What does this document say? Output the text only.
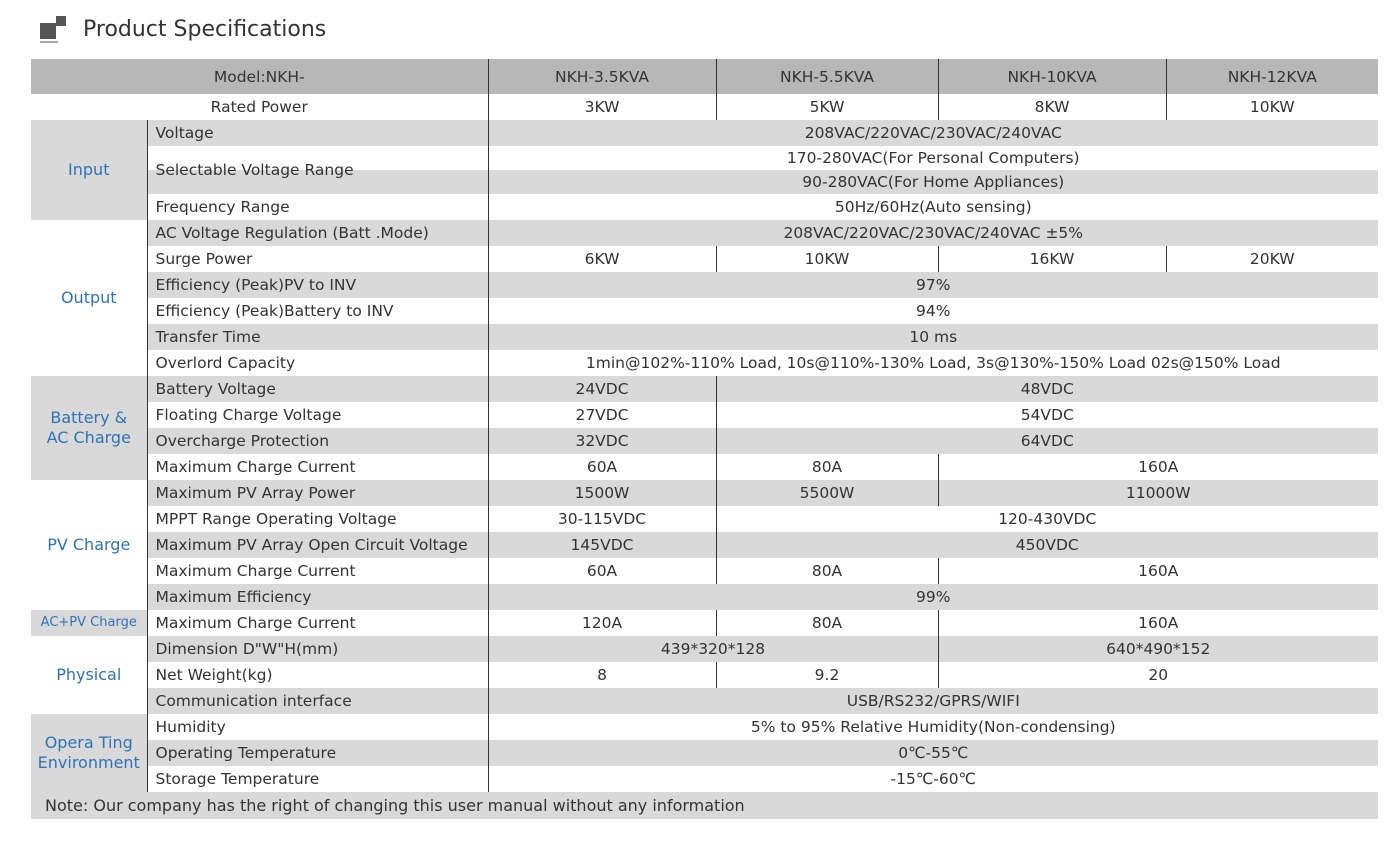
Product Specifications
Model:NKH-		NKH-3.5KVA	NKH-5.5KVA	NKH-10KVA	NKH-12KVA
Rated Power		3KW	5KW	8KW	10KW
Input	Voltage	208VAC/220VAC/230VAC/240VAC			
	Selectable Voltage Range	170-280VAC(For Personal Computers)			
		90-280VAC(For Home Appliances)			
	Frequency Range	50Hz/60Hz(Auto sensing)			
Output	AC Voltage Regulation (Batt .Mode)	208VAC/220VAC/230VAC/240VAC ±5%			
	Surge Power	6KW	10KW	16KW	20KW
	Efficiency (Peak)PV to INV	97%			
	Efficiency (Peak)Battery to INV	94%			
	Transfer Time	10 ms			
	Overlord Capacity	1min@102%-110% Load, 10s@110%-130% Load, 3s@130%-150% Load 02s@150% Load			
Battery &
AC Charge	Battery Voltage	24VDC	48VDC		
	Floating Charge Voltage	27VDC	54VDC		
	Overcharge Protection	32VDC	64VDC		
	Maximum Charge Current	60A	80A	160A	
PV Charge	Maximum PV Array Power	1500W	5500W	11000W	
	MPPT Range Operating Voltage	30-115VDC	120-430VDC		
	Maximum PV Array Open Circuit Voltage	145VDC	450VDC		
	Maximum Charge Current	60A	80A	160A	
	Maximum Efficiency	99%			
AC+PV Charge	Maximum Charge Current	120A	80A	160A	
Physical	Dimension D"W"H(mm)	439*320*128		640*490*152	
	Net Weight(kg)	8	9.2	20	
	Communication interface	USB/RS232/GPRS/WIFI			
Opera Ting
Environment	Humidity	5% to 95% Relative Humidity(Non-condensing)			
	Operating Temperature	0℃-55℃			
	Storage Temperature	-15℃-60℃			
Note: Our company has the right of changing this user manual without any information					
